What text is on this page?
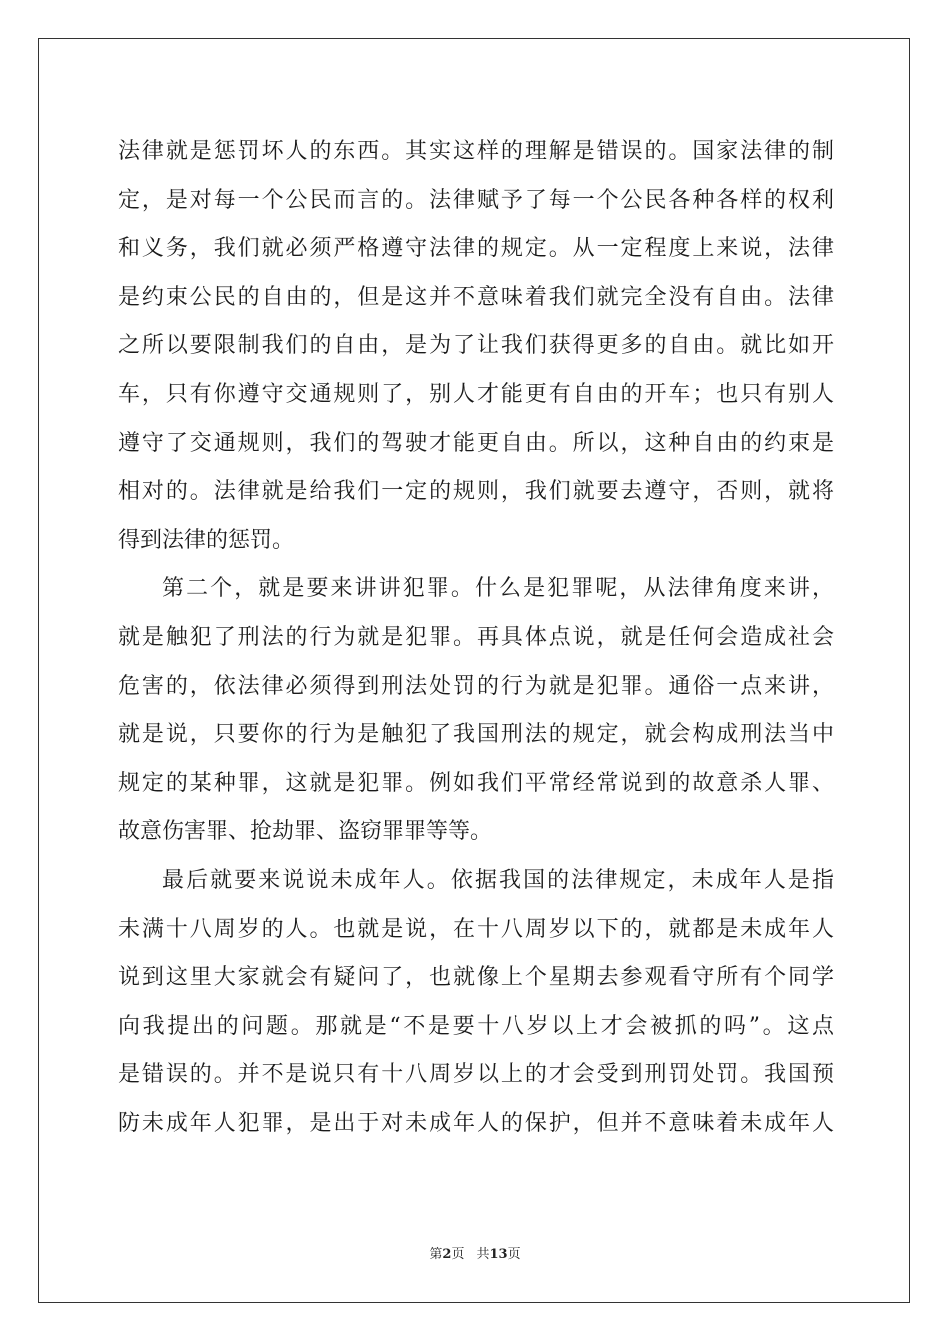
法律就是惩罚坏人的东西。其实这样的理解是错误的。国家法律的制
定，是对每一个公民而言的。法律赋予了每一个公民各种各样的权利
和义务，我们就必须严格遵守法律的规定。从一定程度上来说，法律
是约束公民的自由的，但是这并不意味着我们就完全没有自由。法律
之所以要限制我们的自由，是为了让我们获得更多的自由。就比如开
车，只有你遵守交通规则了，别人才能更有自由的开车；也只有别人
遵守了交通规则，我们的驾驶才能更自由。所以，这种自由的约束是
相对的。法律就是给我们一定的规则，我们就要去遵守，否则，就将
得到法律的惩罚。
第二个，就是要来讲讲犯罪。什么是犯罪呢，从法律角度来讲，
就是触犯了刑法的行为就是犯罪。再具体点说，就是任何会造成社会
危害的，依法律必须得到刑法处罚的行为就是犯罪。通俗一点来讲，
就是说，只要你的行为是触犯了我国刑法的规定，就会构成刑法当中
规定的某种罪，这就是犯罪。例如我们平常经常说到的故意杀人罪、
故意伤害罪、抢劫罪、盗窃罪罪等等。
最后就要来说说未成年人。依据我国的法律规定，未成年人是指
未满十八周岁的人。也就是说，在十八周岁以下的，就都是未成年人
说到这里大家就会有疑问了，也就像上个星期去参观看守所有个同学
向我提出的问题。那就是“不是要十八岁以上才会被抓的吗”。这点
是错误的。并不是说只有十八周岁以上的才会受到刑罚处罚。我国预
防未成年人犯罪，是出于对未成年人的保护，但并不意味着未成年人
第2页 共13页
